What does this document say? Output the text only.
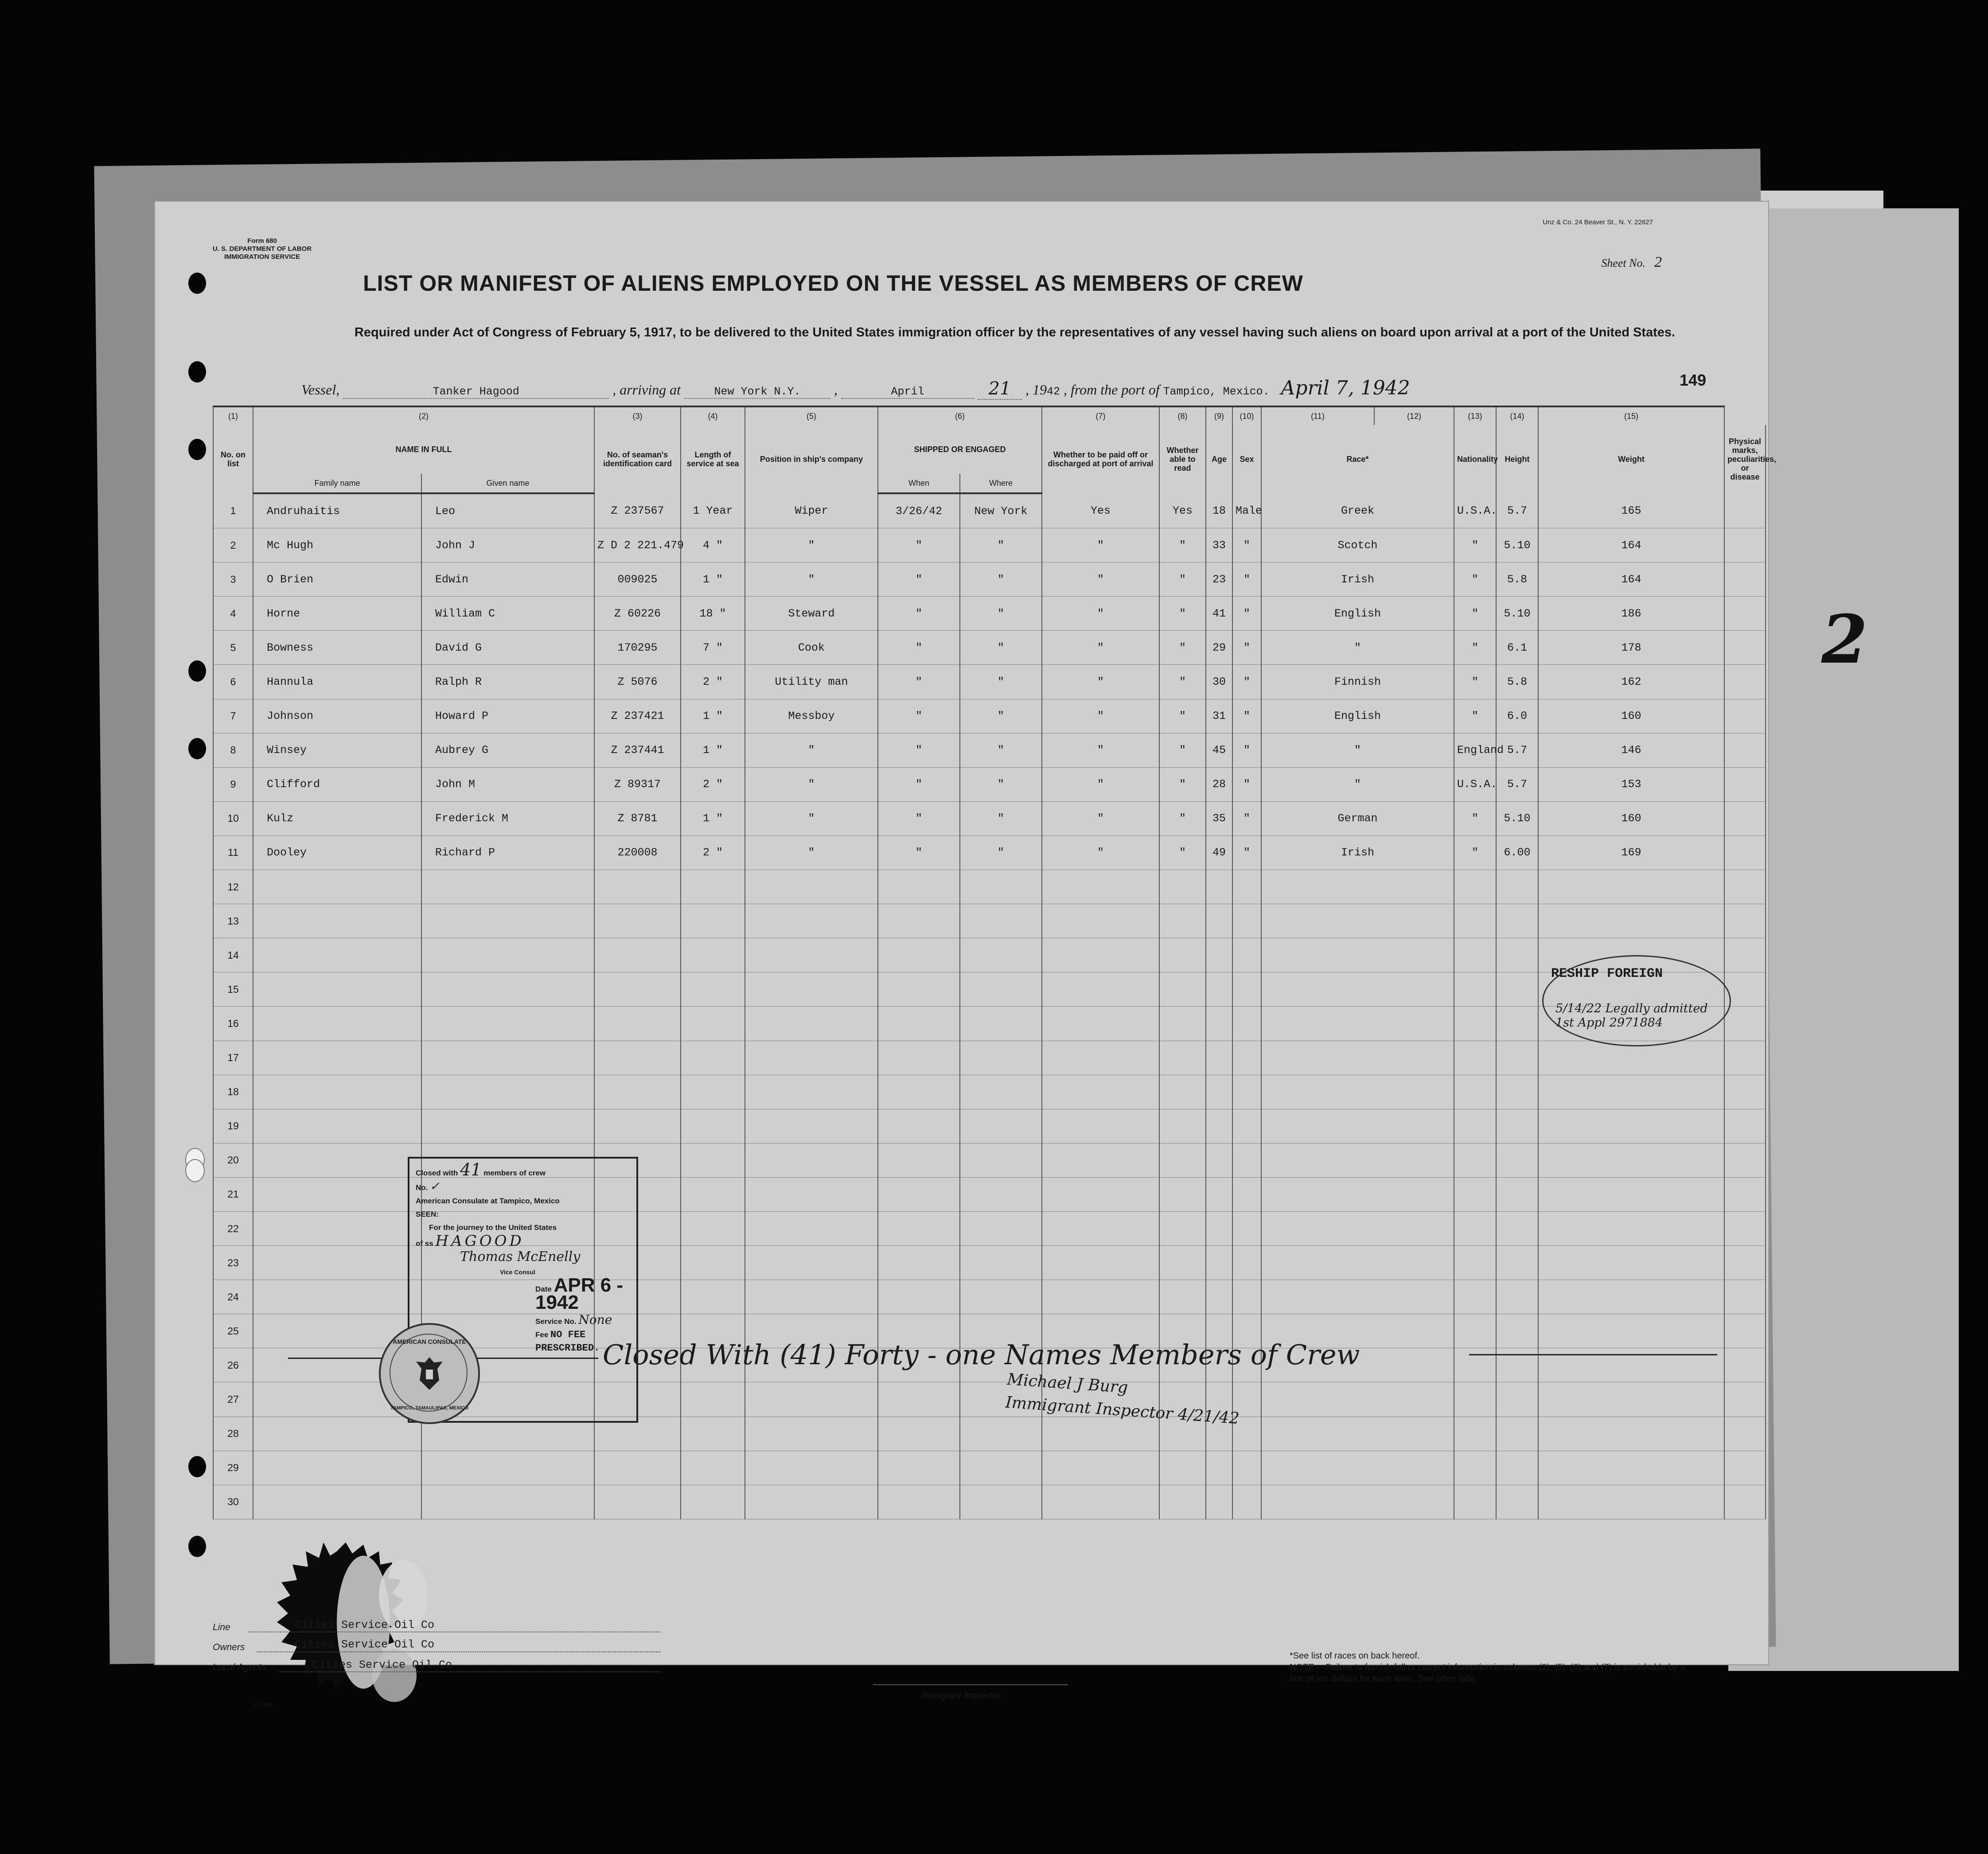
Form 680
U. S. DEPARTMENT OF LABOR
IMMIGRATION SERVICE
Unz & Co. 24 Beaver St., N. Y. 22627
Sheet No. 2
LIST OR MANIFEST OF ALIENS EMPLOYED ON THE VESSEL AS MEMBERS OF CREW
Required under Act of Congress of February 5, 1917, to be delivered to the United States immigration officer by the representatives of any vessel having such aliens on board upon arrival at a port of the United States.
Vessel,	Tanker Hagood	, arriving at	New York N.Y. ,	April	21 , 1942 , from the port of Tampico, Mexico. April 7, 1942	149
(1)	(2)		(3)	(4)	(5)	(6)		(7)	(8)	(9)	(10)	(11)	(12)	(13)	(14)	(15)	
No. on list	NAME IN FULL		No. of seaman's identification card	Length of service at sea	Position in ship's company	SHIPPED OR ENGAGED		Whether to be paid off or discharged at port of arrival	Whether able to read	Age	Sex	Race*		Nationality	Height	Weight	Physical marks, peculiarities, or disease
	Family name	Given name				When	Where										
1	Andruhaitis	Leo	Z 237567	1 Year	Wiper	3/26/42	New York	Yes	Yes	18	Male	Greek		U.S.A.	5.7	165	
2	Mc Hugh	John J	Z D 2 221.479	4 "	"	"	"	"	"	33	"	Scotch		"	5.10	164	
3	O Brien	Edwin	009025	1 "	"	"	"	"	"	23	"	Irish		"	5.8	164	
4	Horne	William C	Z 60226	18 "	Steward	"	"	"	"	41	"	English		"	5.10	186	
5	Bowness	David G	170295	7 "	Cook	"	"	"	"	29	"	"		"	6.1	178	
6	Hannula	Ralph R	Z 5076	2 "	Utility man	"	"	"	"	30	"	Finnish		"	5.8	162	
7	Johnson	Howard P	Z 237421	1 "	Messboy	"	"	"	"	31	"	English		"	6.0	160	
8	Winsey	Aubrey G	Z 237441	1 "	"	"	"	"	"	45	"	"		England	5.7	146	
9	Clifford	John M	Z 89317	2 "	"	"	"	"	"	28	"	"		U.S.A.	5.7	153	
10	Kulz	Frederick M	Z 8781	1 "	"	"	"	"	"	35	"	German		"	5.10	160	
11	Dooley	Richard P	220008	2 "	"	"	"	"	"	49	"	Irish		"	6.00	169	
12																	
13																	
14																	
15																	
16																	
17																	
18																	
19																	
20																	
21																	
22																	
23																	
24																	
25																	
26																	
27																	
28																	
29																	
30																	
Closed With (41) Forty - one Names Members of Crew
Michael J Burg
Immigrant Inspector 4/21/42
RESHIP FOREIGN
5/14/22 Legally admitted 1st Appl 2971884
Closed with 41 members of crew
No. ✓
American Consulate at Tampico, Mexico
SEEN:
For the journey to the United States
of ss HAGOOD
Thomas McEnelly
Vice Consul
Date APR 6 - 1942
Service No. None
Fee NO FEE PRESCRIBED.
AMERICAN CONSULATE
TAMPICO, TAMAULIPAS, MEXICO
Line	Cities Service Oil Co
Owners	Cities Service Oil Co
Local Agents	Cities Service Oil Co
14-1240
Immigrant Inspector.
*See list of races on back hereof.
NOTE.—Failure to furnish full or correct information in columns (2), (5), (6) and (7) is punishable by a fine of ten dollars for each alien. See other side.
2
